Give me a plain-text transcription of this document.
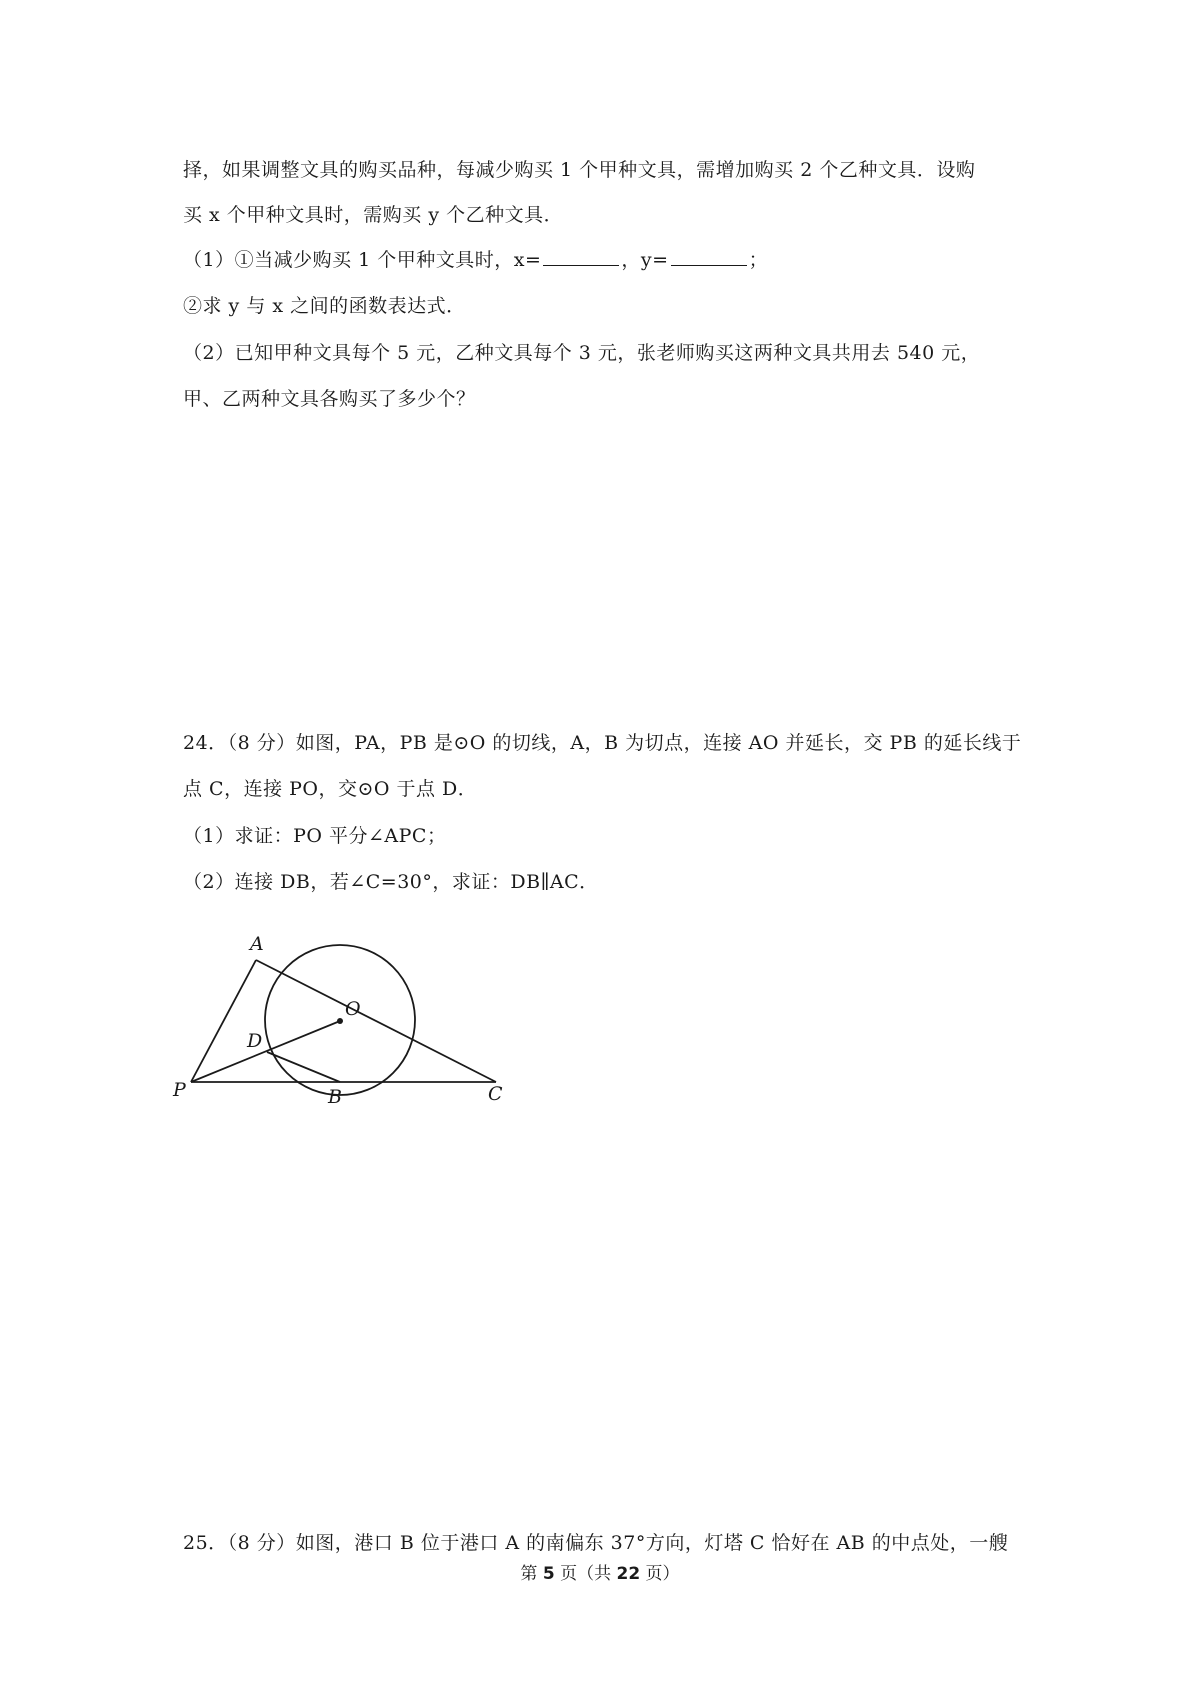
择，如果调整文具的购买品种，每减少购买 1 个甲种文具，需增加购买 2 个乙种文具．设购
买 x 个甲种文具时，需购买 y 个乙种文具．
（1）①当减少购买 1 个甲种文具时，x=	，y=	；
②求 y 与 x 之间的函数表达式．
（2）已知甲种文具每个 5 元，乙种文具每个 3 元，张老师购买这两种文具共用去 540 元，
甲、乙两种文具各购买了多少个？
24．（8 分）如图，PA，PB 是⊙O 的切线，A，B 为切点，连接 AO 并延长，交 PB 的延长线于
点 C，连接 PO，交⊙O 于点 D．
（1）求证：PO 平分∠APC；
（2）连接 DB，若∠C=30°，求证：DB∥AC．
A
O
D
P	B	C
25．（8 分）如图，港口 B 位于港口 A 的南偏东 37°方向，灯塔 C 恰好在 AB 的中点处，一艘
第 5 页（共 22 页）
